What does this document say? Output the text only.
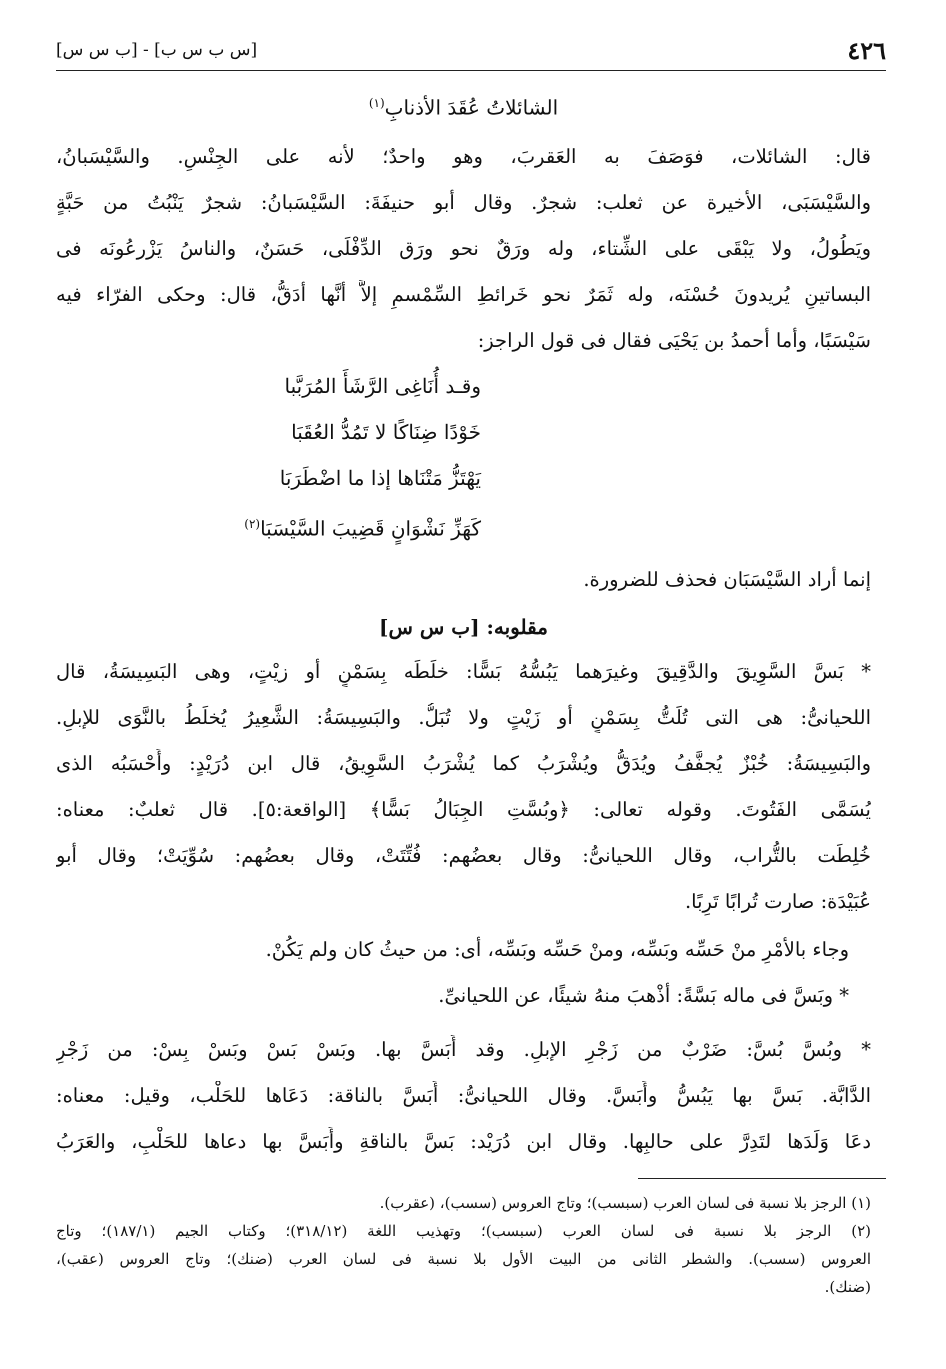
٤٢٦
[س ب س ب] - [ب س س]
الشائلاتُ عُقَدَ الأذنابِ$^{(١)}$
قال: الشائلات، فوَصَفَ به العَقربَ، وهو واحدٌ؛ لأنه على الجِنْسِ. والسَّيْسَبانُ،
والسَّيْسَبَى، الأخيرة عن ثعلب: شجرٌ. وقال أبو حنيفَةَ: السَّيْسَبانُ: شجرٌ يَنْبُتُ من حَبَّةٍ
ويَطُولُ، ولا يَبْقَى على الشِّتاء، وله ورَقٌ نحو ورَق الدِّفْلَى، حَسَنٌ، والناسُ يَزْرعُونَه فى
البساتينِ يُريدونَ حُسْنَه، وله ثَمَرٌ نحو خَرائطِ السِّمْسمِ إلاَّ أنَّها أدَقُّ، قال: وحكى الفرّاء فيه
سَيْسَبًا، وأما أحمدُ بن يَحْيَى فقال فى قول الراجز:
وقـد أُنَاغِى الرَّشَأَ المُرَبَّبا
خَوْدًا ضِنَاكًا لا تَمُدُّ العُقَبَا
يَهْتَزُّ مَتْنَاها إذا ما اضْطَرَبَا
كَهَزِّ نَشْوَانٍ قَضِيبَ السَّيْسَبَا$^{(٢)}$
إنما أراد السَّيْسَبَان فحذف للضرورة.
مقلوبه: [ب س س]
* بَسَّ السَّوِيقَ والدَّقِيقَ وغيرَهما يَبُسُّهُ بَسًّا: خلَطَه بِسَمْنٍ أو زيْتٍ، وهى البَسِيسَةُ، قال
اللحيانىُّ: هى التى تُلَتُّ بِسَمْنٍ أو زَيْتٍ ولا تُبَلُّ. والبَسِيسَةُ: الشَّعِيرُ يُخلَطُ بالنَّوَى للإبلِ.
والبَسِيسَةُ: خُبْزٌ يُجفَّفُ ويُدَقُّ ويُشْرَبُ كما يُشْرَبُ السَّوِيقُ، قال ابن دُرَيْدٍ: وأَحْسَبُه الذى
يُسَمَّى الفَتُوتَ. وقوله تعالى: ﴿وبُسَّتِ الجِبَالُ بَسًّا﴾ [الواقعة:٥]. قال ثعلبٌ: معناه:
خُلِطَت بالتُّراب، وقال اللحيانىُّ: وقال بعضُهم: فُتِّتَتْ، وقال بعضُهم: سُوِّيَتْ؛ وقال أبو
عُبَيْدَة: صارت تُرابًا تَرِبًا.
وجاء بالأمْرِ منْ حَسِّه وبَسِّه، ومنْ حَسِّه وبَسِّه، أى: من حيثُ كان ولم يَكُنْ.
* وبَسَّ فى ماله بَسَّةً: أذْهبَ منهُ شيئًا، عن اللحيانىِّ.
* وبُسَّ بُسَّ: ضَرْبٌ من زَجْرِ الإبلِ. وقد أَبَسَّ بها. وبَسْ بَسْ وبَسْ بِسْ: من زَجْرِ
الدَّابَّة. بَسَّ بها يَبُسُّ وأَبَسَّ. وقال اللحيانىُّ: أَبَسَّ بالناقة: دَعَاها للحَلْب، وقيل: معناه:
دعَا وَلَدَها لتَدِرَّ على حالبِها. وقال ابن دُرَيْد: بَسَّ بالناقةِ وأَبَسَّ بها دعاها للحَلْبِ، والعَرَبُ
(١) الرجز بلا نسبة فى لسان العرب (سبسب)؛ وتاج العروس (سسب)، (عقرب).
(٢) الرجز بلا نسبة فى لسان العرب (سبسب)؛ وتهذيب اللغة (٣١٨/١٢)؛ وكتاب الجيم (١٨٧/١)؛ وتاج
العروس (سسب). والشطر الثانى من البيت الأول بلا نسبة فى لسان العرب (ضنك)؛ وتاج العروس (عقب)،
(ضنك).
